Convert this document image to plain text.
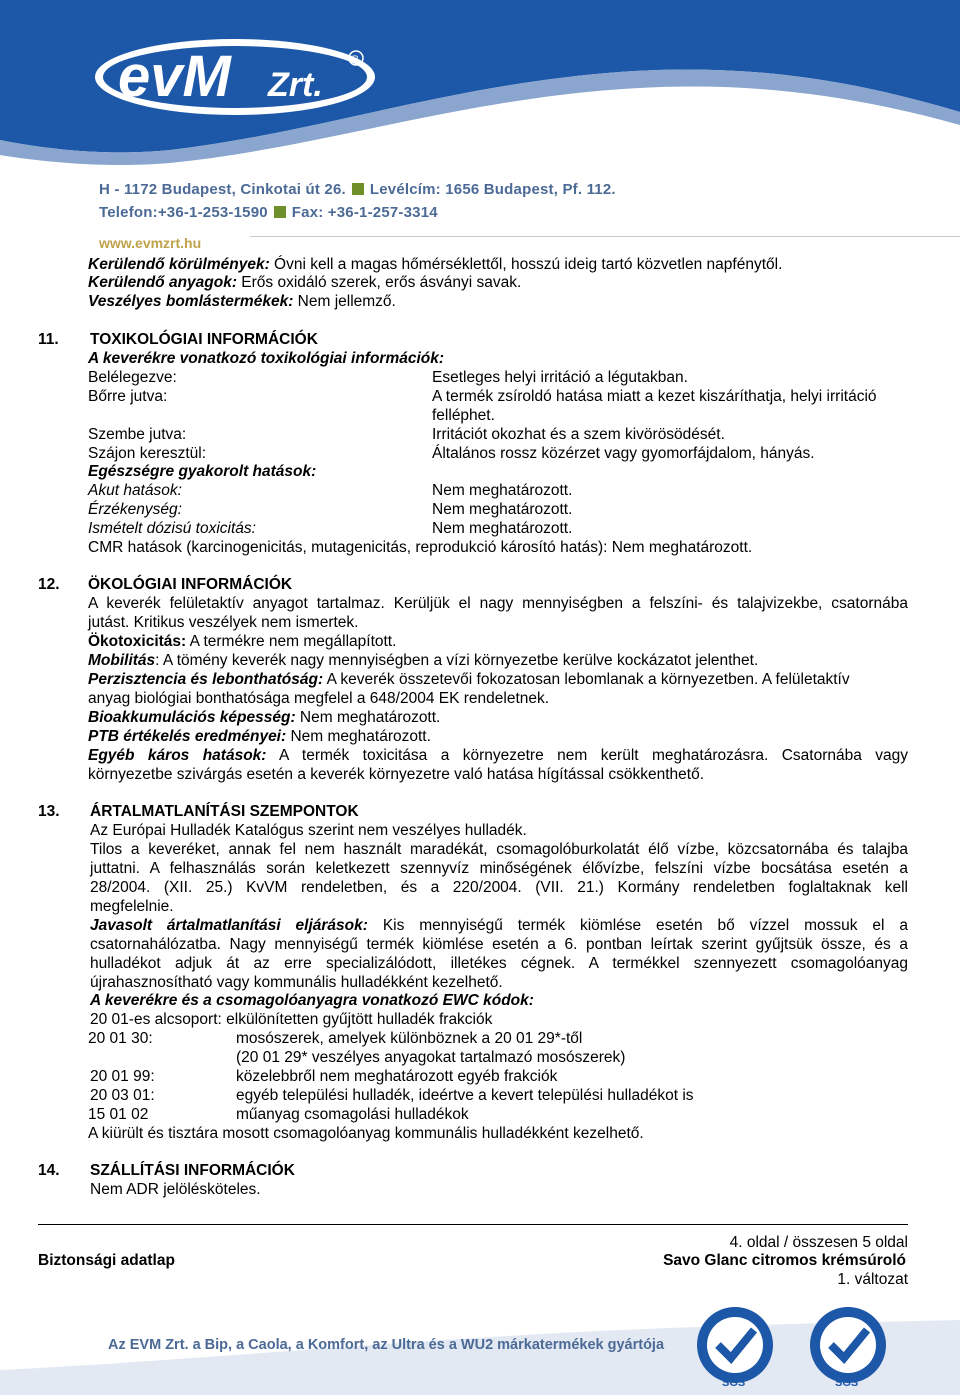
evM Zrt.
R
H - 1172 Budapest, Cinkotai út 26. Levélcím: 1656 Budapest, Pf. 112.
Telefon:+36-1-253-1590 Fax: +36-1-257-3314
www.evmzrt.hu
Kerülendő körülmények: Óvni kell a magas hőmérséklettől, hosszú ideig tartó közvetlen napfénytől.
Kerülendő anyagok: Erős oxidáló szerek, erős ásványi savak.
Veszélyes bomlástermékek: Nem jellemző.
11. TOXIKOLÓGIAI INFORMÁCIÓK
A keverékre vonatkozó toxikológiai információk:
Belélegezve:	Esetleges helyi irritáció a légutakban.
Bőrre jutva:	A termék zsíroldó hatása miatt a kezet kiszáríthatja, helyi irritáció
felléphet.
Szembe jutva:	Irritációt okozhat és a szem kivörösödését.
Szájon keresztül:	Általános rossz közérzet vagy gyomorfájdalom, hányás.
Egészségre gyakorolt hatások:
Akut hatások:	Nem meghatározott.
Érzékenység:	Nem meghatározott.
Ismételt dózisú toxicitás:	Nem meghatározott.
CMR hatások (karcinogenicitás, mutagenicitás, reprodukció károsító hatás): Nem meghatározott.
12. ÖKOLÓGIAI INFORMÁCIÓK
A keverék felületaktív anyagot tartalmaz. Kerüljük el nagy mennyiségben a felszíni- és talajvizekbe, csatornába
jutást. Kritikus veszélyek nem ismertek.
Ökotoxicitás: A termékre nem megállapított.
Mobilitás: A tömény keverék nagy mennyiségben a vízi környezetbe kerülve kockázatot jelenthet.
Perzisztencia és lebonthatóság: A keverék összetevői fokozatosan lebomlanak a környezetben. A felületaktív
anyag biológiai bonthatósága megfelel a 648/2004 EK rendeletnek.
Bioakkumulációs képesség: Nem meghatározott.
PTB értékelés eredményei: Nem meghatározott.
Egyéb káros hatások: A termék toxicitása a környezetre nem került meghatározásra. Csatornába vagy
környezetbe szivárgás esetén a keverék környezetre való hatása hígítással csökkenthető.
13. ÁRTALMATLANÍTÁSI SZEMPONTOK
Az Európai Hulladék Katalógus szerint nem veszélyes hulladék.
Tilos a keveréket, annak fel nem használt maradékát, csomagolóburkolatát élő vízbe, közcsatornába és talajba
juttatni. A felhasználás során keletkezett szennyvíz minőségének élővízbe, felszíni vízbe bocsátása esetén a
28/2004. (XII. 25.) KvVM rendeletben, és a 220/2004. (VII. 21.) Kormány rendeletben foglaltaknak kell
megfelelnie.
Javasolt ártalmatlanítási eljárások: Kis mennyiségű termék kiömlése esetén bő vízzel mossuk el a
csatornahálózatba. Nagy mennyiségű termék kiömlése esetén a 6. pontban leírtak szerint gyűjtsük össze, és a
hulladékot adjuk át az erre specializálódott, illetékes cégnek. A termékkel szennyezett csomagolóanyag
újrahasznosítható vagy kommunális hulladékként kezelhető.
A keverékre és a csomagolóanyagra vonatkozó EWC kódok:
20 01-es alcsoport: elkülönítetten gyűjtött hulladék frakciók
20 01 30:	mosószerek, amelyek különböznek a 20 01 29*-től
(20 01 29* veszélyes anyagokat tartalmazó mosószerek)
20 01 99:	közelebbről nem meghatározott egyéb frakciók
20 03 01:	egyéb települési hulladék, ideértve a kevert települési hulladékot is
15 01 02	műanyag csomagolási hulladékok
A kiürült és tisztára mosott csomagolóanyag kommunális hulladékként kezelhető.
14. SZÁLLÍTÁSI INFORMÁCIÓK
Nem ADR jelölésköteles.
4. oldal / összesen 5 oldal
Biztonsági adatlap	Savo Glanc citromos krémsúroló
1. változat
SGS	SGS
Az EVM Zrt. a Bip, a Caola, a Komfort, az Ultra és a WU2 márkatermékek gyártója
